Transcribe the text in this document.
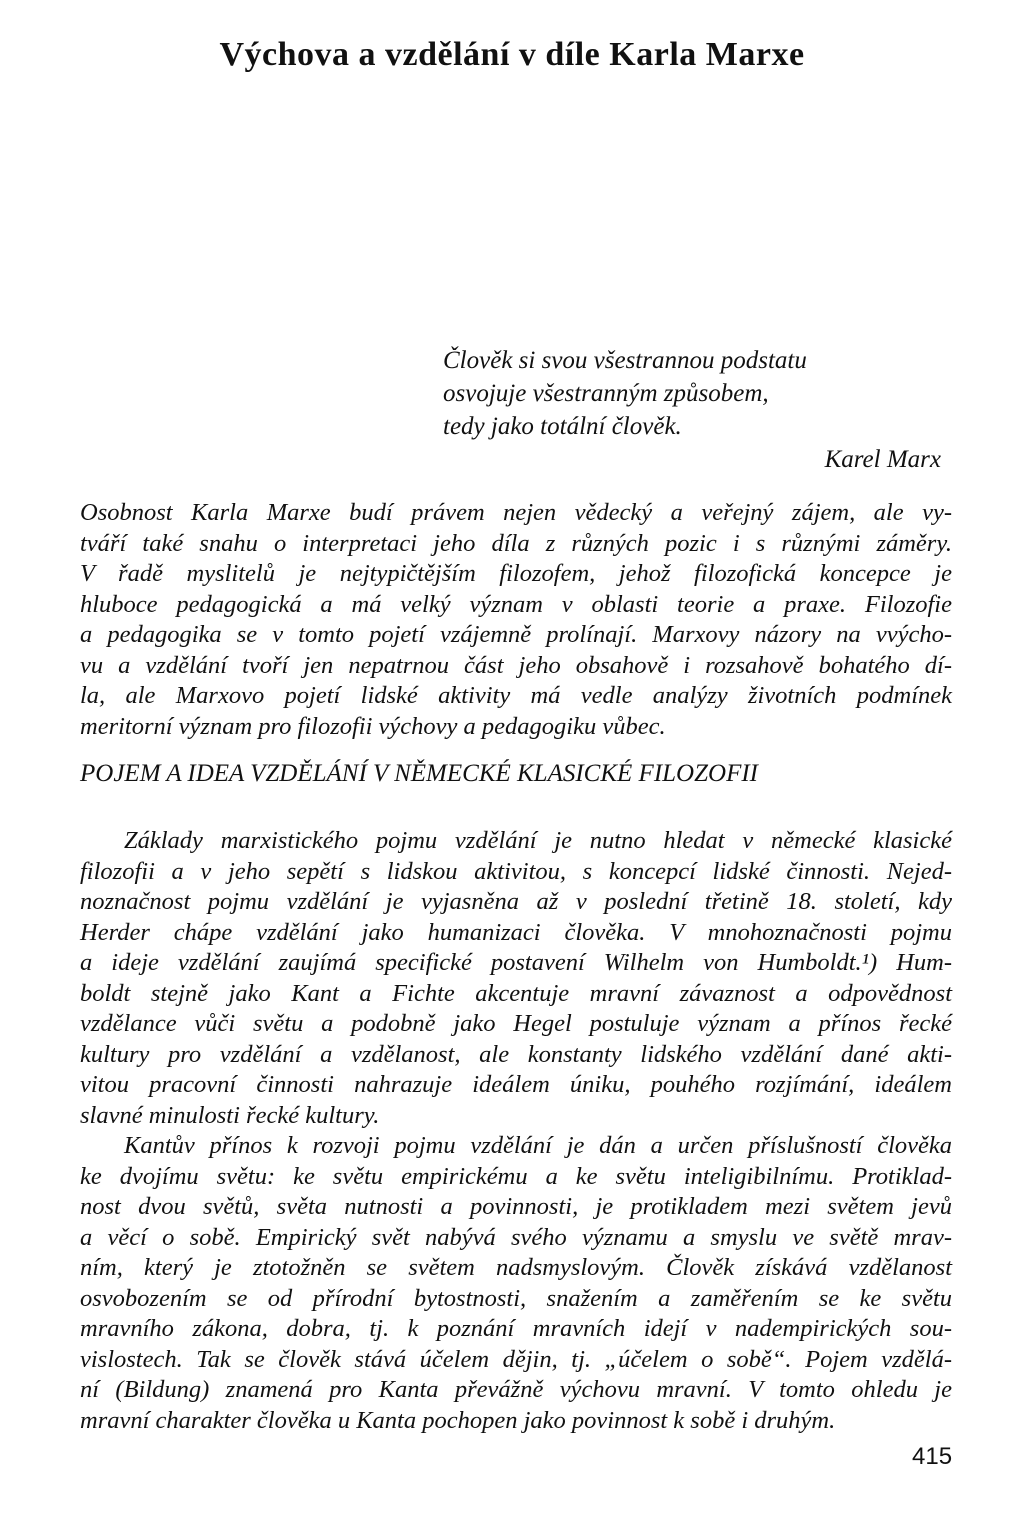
Výchova a vzdělání v díle Karla Marxe
Člověk si svou všestrannou podstatu
osvojuje všestranným způsobem,
tedy jako totální člověk.
Karel Marx
Osobnost Karla Marxe budí právem nejen vědecký a veřejný zájem, ale vy-
tváří také snahu o interpretaci jeho díla z různých pozic i s různými záměry.
V řadě myslitelů je nejtypičtějším filozofem, jehož filozofická koncepce je
hluboce pedagogická a má velký význam v oblasti teorie a praxe. Filozofie
a pedagogika se v tomto pojetí vzájemně prolínají. Marxovy názory na vvýcho-
vu a vzdělání tvoří jen nepatrnou část jeho obsahově i rozsahově bohatého dí-
la, ale Marxovo pojetí lidské aktivity má vedle analýzy životních podmínek
meritorní význam pro filozofii výchovy a pedagogiku vůbec.
POJEM A IDEA VZDĚLÁNÍ V NĚMECKÉ KLASICKÉ FILOZOFII
Základy marxistického pojmu vzdělání je nutno hledat v německé klasické
filozofii a v jeho sepětí s lidskou aktivitou, s koncepcí lidské činnosti. Nejed-
noznačnost pojmu vzdělání je vyjasněna až v poslední třetině 18. století, kdy
Herder chápe vzdělání jako humanizaci člověka. V mnohoznačnosti pojmu
a ideje vzdělání zaujímá specifické postavení Wilhelm von Humboldt.¹) Hum-
boldt stejně jako Kant a Fichte akcentuje mravní závaznost a odpovědnost
vzdělance vůči světu a podobně jako Hegel postuluje význam a přínos řecké
kultury pro vzdělání a vzdělanost, ale konstanty lidského vzdělání dané akti-
vitou pracovní činnosti nahrazuje ideálem úniku, pouhého rozjímání, ideálem
slavné minulosti řecké kultury.
Kantův přínos k rozvoji pojmu vzdělání je dán a určen příslušností člověka
ke dvojímu světu: ke světu empirickému a ke světu inteligibilnímu. Protiklad-
nost dvou světů, světa nutnosti a povinnosti, je protikladem mezi světem jevů
a věcí o sobě. Empirický svět nabývá svého významu a smyslu ve světě mrav-
ním, který je ztotožněn se světem nadsmyslovým. Člověk získává vzdělanost
osvobozením se od přírodní bytostnosti, snažením a zaměřením se ke světu
mravního zákona, dobra, tj. k poznání mravních idejí v nadempirických sou-
vislostech. Tak se člověk stává účelem dějin, tj. „účelem o sobě“. Pojem vzdělá-
ní (Bildung) znamená pro Kanta převážně výchovu mravní. V tomto ohledu je
mravní charakter člověka u Kanta pochopen jako povinnost k sobě i druhým.
415
